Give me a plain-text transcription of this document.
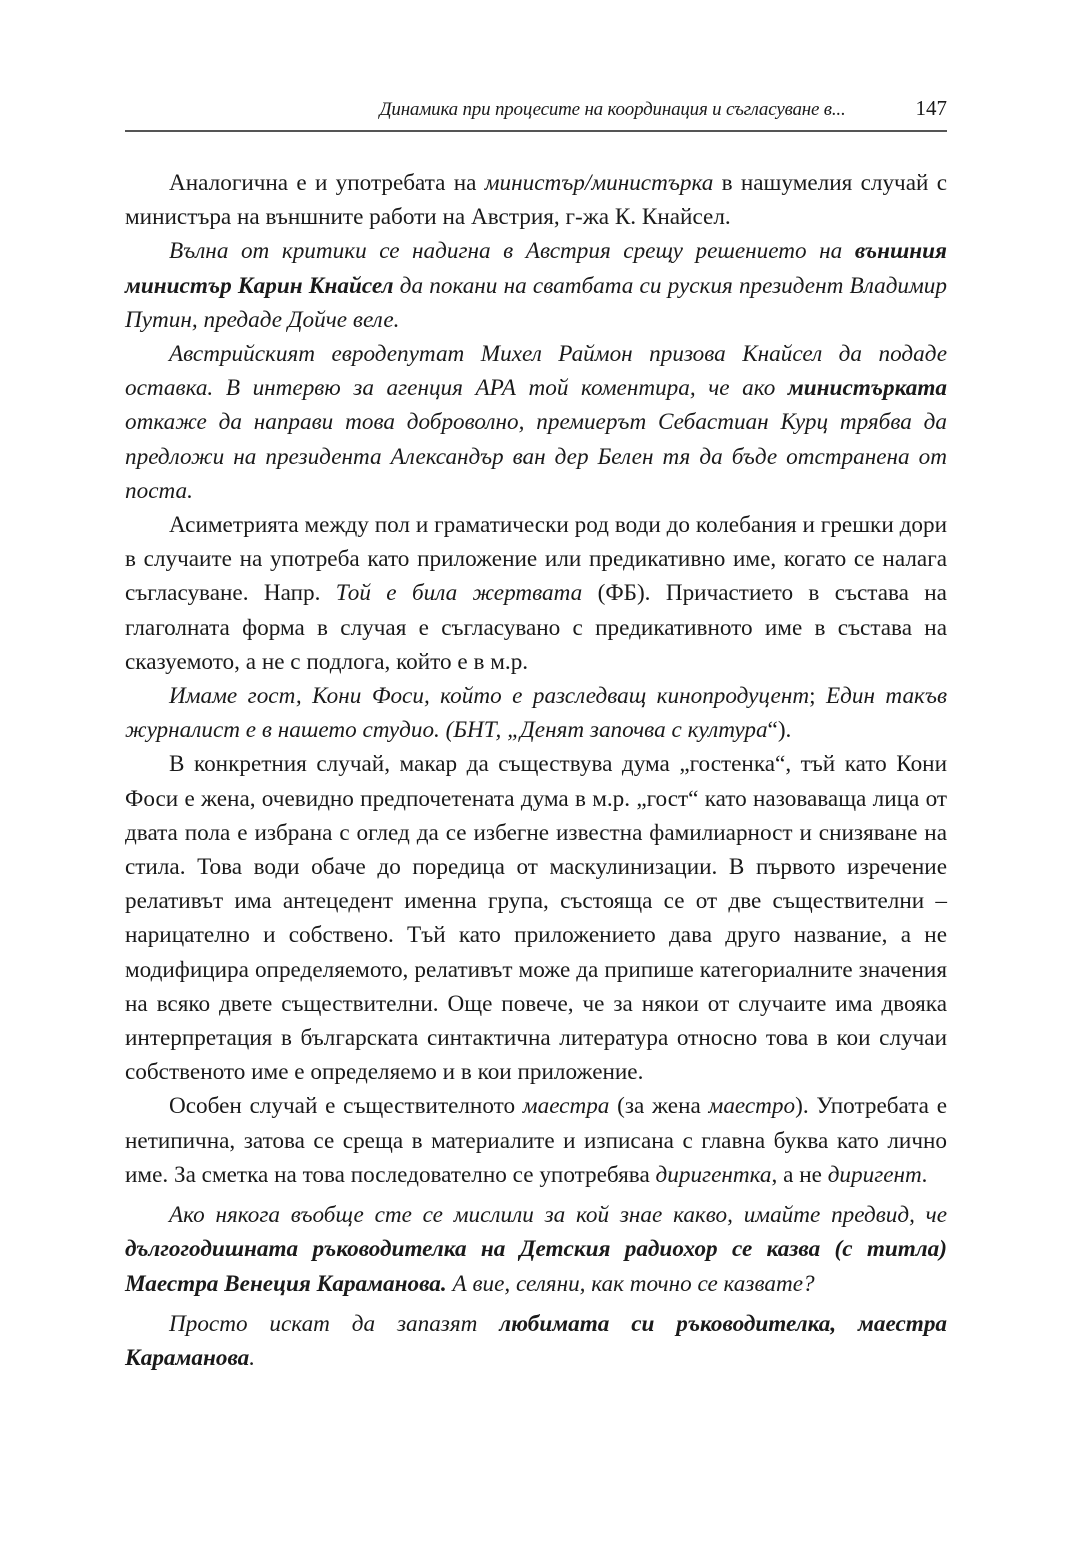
Динамика при процесите на координация и съгласуване в...	147

Аналогична е и употребата на министър/министърка в нашумелия случай с министъра на външните работи на Австрия, г-жа К. Кнайсел.

Вълна от критики се надигна в Австрия срещу решението на външния министър Карин Кнайсел да покани на сватбата си руския президент Владимир Путин, предаде Дойче веле.

Австрийският евродепутат Михел Раймон призова Кнайсел да подаде оставка. В интервю за агенция АРА той коментира, че ако министърката откаже да направи това доброволно, премиерът Себастиан Курц трябва да предложи на президента Александър ван дер Белен тя да бъде отстранена от поста.

Асиметрията между пол и граматически род води до колебания и грешки дори в случаите на употреба като приложение или предикативно име, когато се налага съгласуване. Напр. Той е била жертвата (ФБ). Причастието в състава на глаголната форма в случая е съгласувано с предикативното име в състава на сказуемото, а не с подлога, който е в м.р.

Имаме гост, Кони Фоси, който е разследващ кинопродуцент; Един такъв журналист е в нашето студио. (БНТ, „Денят започва с култура“).

В конкретния случай, макар да съществува дума „гостенка“, тъй като Кони Фоси е жена, очевидно предпочетената дума в м.р. „гост“ като назоваваща лица от двата пола е избрана с оглед да се избегне известна фамилиарност и снизяване на стила. Това води обаче до поредица от маскулинизации. В първото изречение релативът има антецедент именна група, състояща се от две съществителни – нарицателно и собствено. Тъй като приложението дава друго название, а не модифицира определяемото, релативът може да припише категориалните значения на всяко двете съществителни. Още повече, че за някои от случаите има двояка интерпретация в българската синтактична литература относно това в кои случаи собственото име е определяемо и в кои приложение.

Особен случай е съществителното маестра (за жена маестро). Употребата е нетипична, затова се среща в материалите и изписана с главна буква като лично име. За сметка на това последователно се употребява диригентка, а не диригент.

Ако някога въобще сте се мислили за кой знае какво, имайте предвид, че дългогодишната ръководителка на Детския радиохор се казва (с титла) Маестра Венеция Караманова. А вие, селяни, как точно се казвате?

Просто искат да запазят любимата си ръководителка, маестра Караманова.
